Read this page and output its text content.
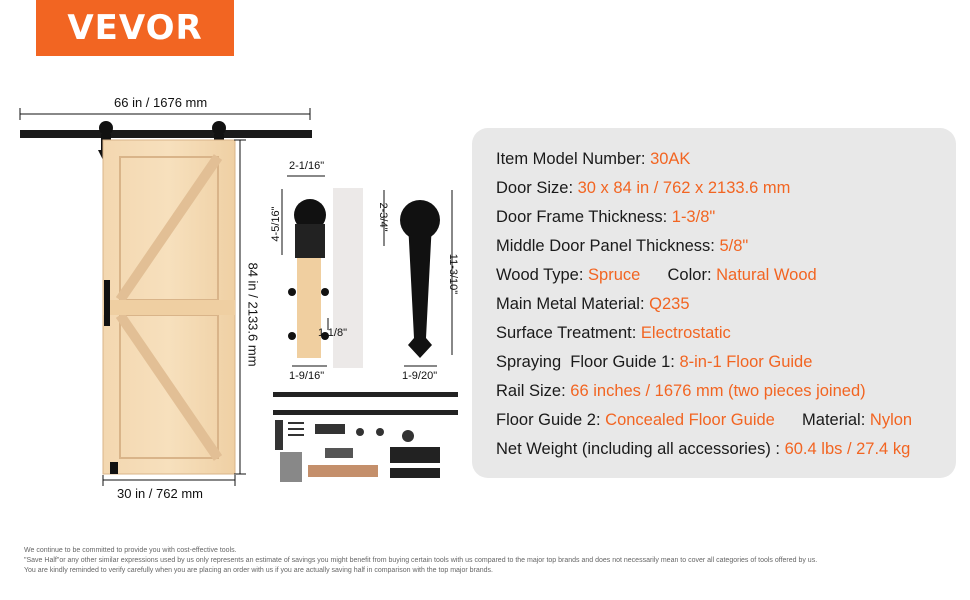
VEVOR
66 in / 1676 mm
84 in / 2133.6 mm
30 in / 762 mm
2-1/16"
4-5/16"
1-1/8"
1-9/16"
2-3/4"
11-3/10"
1-9/20"
Item Model Number: 30AK
Door Size: 30 x 84 in / 762 x 2133.6 mm
Door Frame Thickness: 1-3/8"
Middle Door Panel Thickness: 5/8"
Wood Type: Spruce Color: Natural Wood
Main Metal Material: Q235
Surface Treatment: Electrostatic
Spraying  Floor Guide 1: 8-in-1 Floor Guide
Rail Size: 66 inches / 1676 mm (two pieces joined)
Floor Guide 2: Concealed Floor Guide Material: Nylon
Net Weight (including all accessories) : 60.4 lbs / 27.4 kg
We continue to be committed to provide you with cost-effective tools.
"Save Half"or any other similar expressions used by us only represents an estimate of savings you might benefit from buying certain tools with us compared to the major top brands and does not necessarily mean to cover all categories of tools offered by us.
You are kindly reminded to verify carefully when you are placing an order with us if you are actually saving half in comparison with the top major brands.
